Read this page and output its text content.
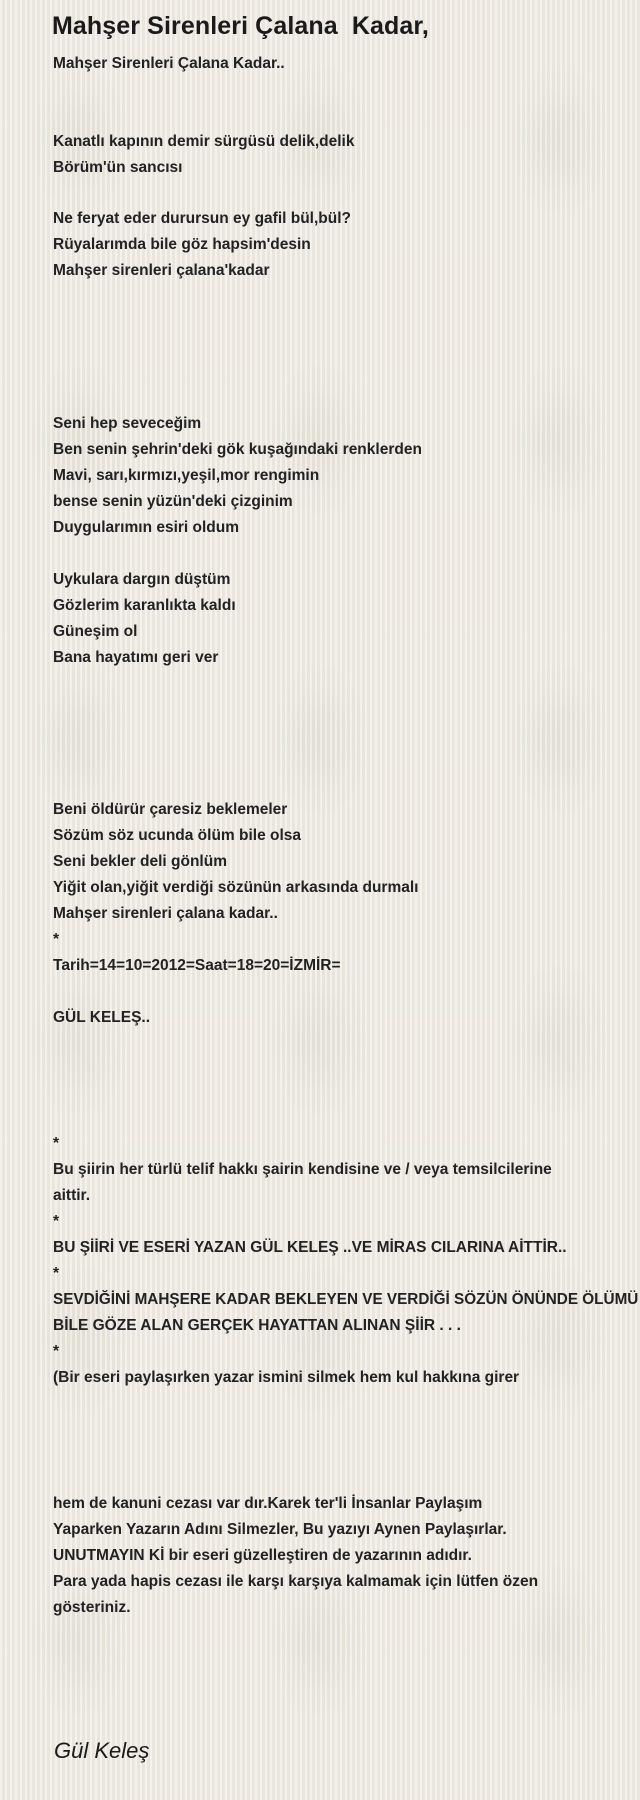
Mahşer Sirenleri Çalana  Kadar,
Mahşer Sirenleri Çalana Kadar..
Kanatlı kapının demir sürgüsü delik,delik
Börüm'ün sancısı
Ne feryat eder durursun ey gafil bül,bül?
Rüyalarımda bile göz hapsim'desin
Mahşer sirenleri çalana'kadar
Seni hep seveceğim
Ben senin şehrin'deki gök kuşağındaki renklerden
Mavi, sarı,kırmızı,yeşil,mor rengimin
bense senin yüzün'deki çizginim
Duygularımın esiri oldum
Uykulara dargın düştüm
Gözlerim karanlıkta kaldı
Güneşim ol
Bana hayatımı geri ver
Beni öldürür çaresiz beklemeler
Sözüm söz ucunda ölüm bile olsa
Seni bekler deli gönlüm
Yiğit olan,yiğit verdiği sözünün arkasında durmalı
Mahşer sirenleri çalana kadar..
*
Tarih=14=10=2012=Saat=18=20=İZMİR=
GÜL KELEŞ..
*
Bu şiirin her türlü telif hakkı şairin kendisine ve / veya temsilcilerine
aittir.
*
BU ŞİİRİ VE ESERİ YAZAN GÜL KELEŞ ..VE MİRAS CILARINA AİTTİR..
*
SEVDİĞİNİ MAHŞERE KADAR BEKLEYEN VE VERDİĞİ SÖZÜN ÖNÜNDE ÖLÜMÜ
BİLE GÖZE ALAN GERÇEK HAYATTAN ALINAN ŞİİR . . .
*
(Bir eseri paylaşırken yazar ismini silmek hem kul hakkına girer
hem de kanuni cezası var dır.Karek ter'li İnsanlar Paylaşım
Yaparken Yazarın Adını Silmezler, Bu yazıyı Aynen Paylaşırlar.
UNUTMAYIN Kİ bir eseri güzelleştiren de yazarının adıdır.
Para yada hapis cezası ile karşı karşıya kalmamak için lütfen özen
gösteriniz.
Gül Keleş
